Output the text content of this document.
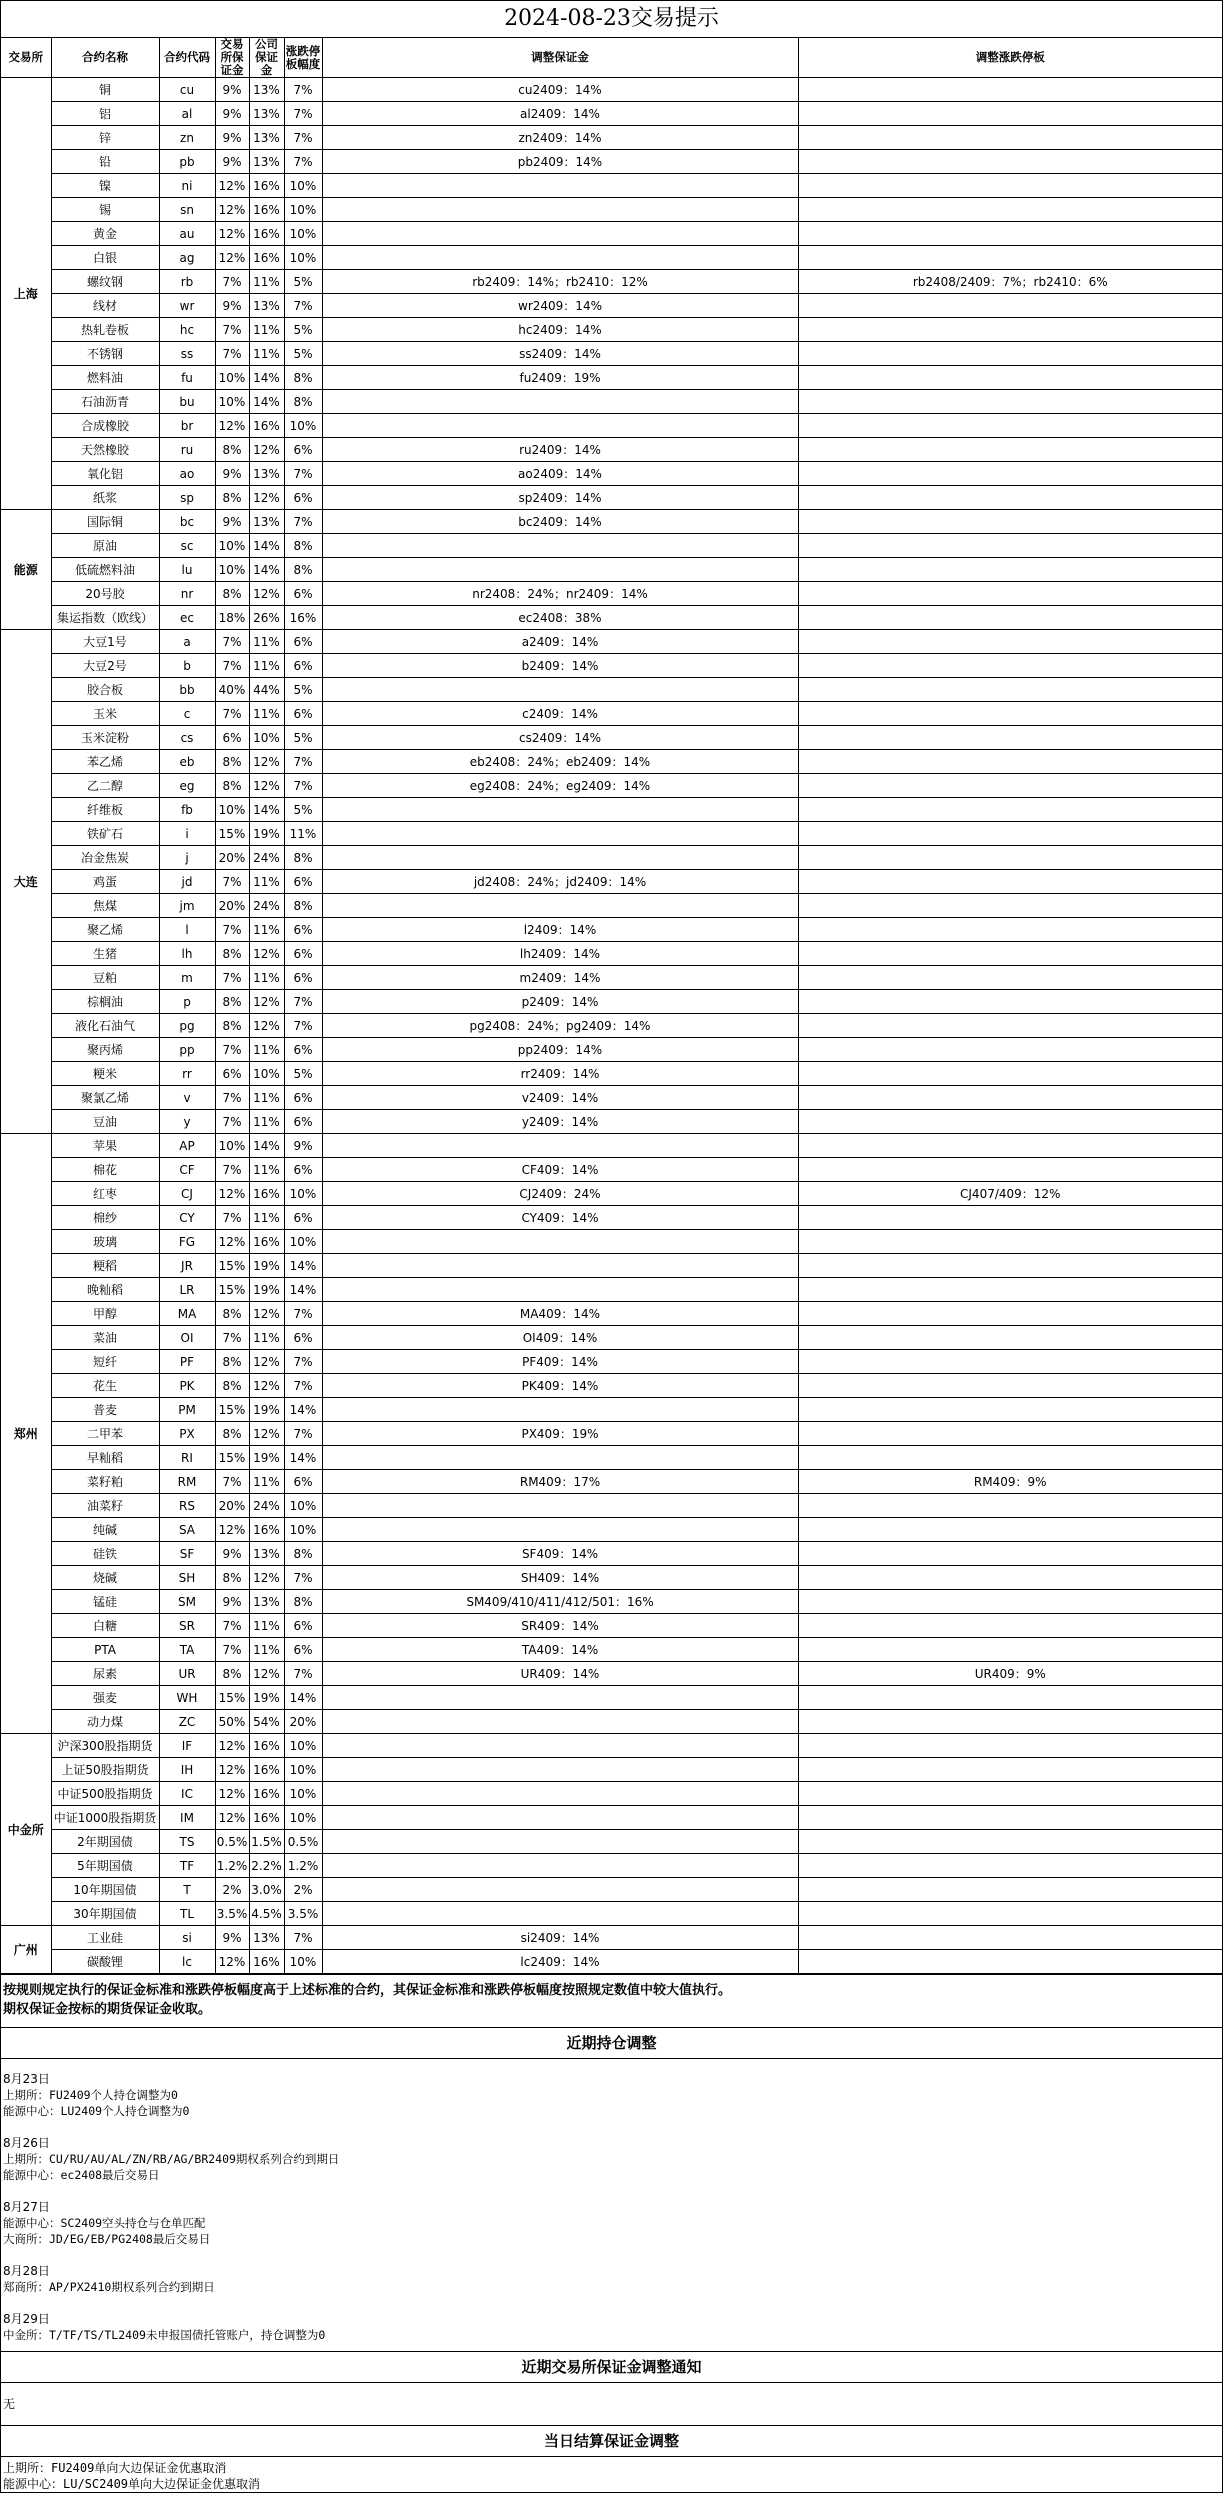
2024-08-23交易提示
交易所	合约名称	合约代码	交易所保证金	公司保证金	涨跌停板幅度	调整保证金	调整涨跌停板
上海	铜	cu	9%	13%	7%	cu2409：14%	
	铝	al	9%	13%	7%	al2409：14%	
	锌	zn	9%	13%	7%	zn2409：14%	
	铅	pb	9%	13%	7%	pb2409：14%	
	镍	ni	12%	16%	10%		
	锡	sn	12%	16%	10%		
	黄金	au	12%	16%	10%		
	白银	ag	12%	16%	10%		
	螺纹钢	rb	7%	11%	5%	rb2409：14%；rb2410：12%	rb2408/2409：7%；rb2410：6%
	线材	wr	9%	13%	7%	wr2409：14%	
	热轧卷板	hc	7%	11%	5%	hc2409：14%	
	不锈钢	ss	7%	11%	5%	ss2409：14%	
	燃料油	fu	10%	14%	8%	fu2409：19%	
	石油沥青	bu	10%	14%	8%		
	合成橡胶	br	12%	16%	10%		
	天然橡胶	ru	8%	12%	6%	ru2409：14%	
	氧化铝	ao	9%	13%	7%	ao2409：14%	
	纸浆	sp	8%	12%	6%	sp2409：14%	
能源	国际铜	bc	9%	13%	7%	bc2409：14%	
	原油	sc	10%	14%	8%		
	低硫燃料油	lu	10%	14%	8%		
	20号胶	nr	8%	12%	6%	nr2408：24%；nr2409：14%	
	集运指数（欧线）	ec	18%	26%	16%	ec2408：38%	
大连	大豆1号	a	7%	11%	6%	a2409：14%	
	大豆2号	b	7%	11%	6%	b2409：14%	
	胶合板	bb	40%	44%	5%		
	玉米	c	7%	11%	6%	c2409：14%	
	玉米淀粉	cs	6%	10%	5%	cs2409：14%	
	苯乙烯	eb	8%	12%	7%	eb2408：24%；eb2409：14%	
	乙二醇	eg	8%	12%	7%	eg2408：24%；eg2409：14%	
	纤维板	fb	10%	14%	5%		
	铁矿石	i	15%	19%	11%		
	冶金焦炭	j	20%	24%	8%		
	鸡蛋	jd	7%	11%	6%	jd2408：24%；jd2409：14%	
	焦煤	jm	20%	24%	8%		
	聚乙烯	l	7%	11%	6%	l2409：14%	
	生猪	lh	8%	12%	6%	lh2409：14%	
	豆粕	m	7%	11%	6%	m2409：14%	
	棕榈油	p	8%	12%	7%	p2409：14%	
	液化石油气	pg	8%	12%	7%	pg2408：24%；pg2409：14%	
	聚丙烯	pp	7%	11%	6%	pp2409：14%	
	粳米	rr	6%	10%	5%	rr2409：14%	
	聚氯乙烯	v	7%	11%	6%	v2409：14%	
	豆油	y	7%	11%	6%	y2409：14%	
郑州	苹果	AP	10%	14%	9%		
	棉花	CF	7%	11%	6%	CF409：14%	
	红枣	CJ	12%	16%	10%	CJ2409：24%	CJ407/409：12%
	棉纱	CY	7%	11%	6%	CY409：14%	
	玻璃	FG	12%	16%	10%		
	粳稻	JR	15%	19%	14%		
	晚籼稻	LR	15%	19%	14%		
	甲醇	MA	8%	12%	7%	MA409：14%	
	菜油	OI	7%	11%	6%	OI409：14%	
	短纤	PF	8%	12%	7%	PF409：14%	
	花生	PK	8%	12%	7%	PK409：14%	
	普麦	PM	15%	19%	14%		
	二甲苯	PX	8%	12%	7%	PX409：19%	
	早籼稻	RI	15%	19%	14%		
	菜籽粕	RM	7%	11%	6%	RM409：17%	RM409：9%
	油菜籽	RS	20%	24%	10%		
	纯碱	SA	12%	16%	10%		
	硅铁	SF	9%	13%	8%	SF409：14%	
	烧碱	SH	8%	12%	7%	SH409：14%	
	锰硅	SM	9%	13%	8%	SM409/410/411/412/501：16%	
	白糖	SR	7%	11%	6%	SR409：14%	
	PTA	TA	7%	11%	6%	TA409：14%	
	尿素	UR	8%	12%	7%	UR409：14%	UR409：9%
	强麦	WH	15%	19%	14%		
	动力煤	ZC	50%	54%	20%		
中金所	沪深300股指期货	IF	12%	16%	10%		
	上证50股指期货	IH	12%	16%	10%		
	中证500股指期货	IC	12%	16%	10%		
	中证1000股指期货	IM	12%	16%	10%		
	2年期国债	TS	0.5%	1.5%	0.5%		
	5年期国债	TF	1.2%	2.2%	1.2%		
	10年期国债	T	2%	3.0%	2%		
	30年期国债	TL	3.5%	4.5%	3.5%		
广州	工业硅	si	9%	13%	7%	si2409：14%	
	碳酸锂	lc	12%	16%	10%	lc2409：14%	
按规则规定执行的保证金标准和涨跌停板幅度高于上述标准的合约，其保证金标准和涨跌停板幅度按照规定数值中较大值执行。
期权保证金按标的期货保证金收取。
近期持仓调整
8月23日
上期所：FU2409个人持仓调整为0
能源中心：LU2409个人持仓调整为0
8月26日
上期所：CU/RU/AU/AL/ZN/RB/AG/BR2409期权系列合约到期日
能源中心：ec2408最后交易日
8月27日
能源中心：SC2409空头持仓与仓单匹配
大商所：JD/EG/EB/PG2408最后交易日
8月28日
郑商所：AP/PX2410期权系列合约到期日
8月29日
中金所：T/TF/TS/TL2409未申报国债托管账户，持仓调整为0
近期交易所保证金调整通知
无
当日结算保证金调整
上期所：FU2409单向大边保证金优惠取消
能源中心：LU/SC2409单向大边保证金优惠取消
